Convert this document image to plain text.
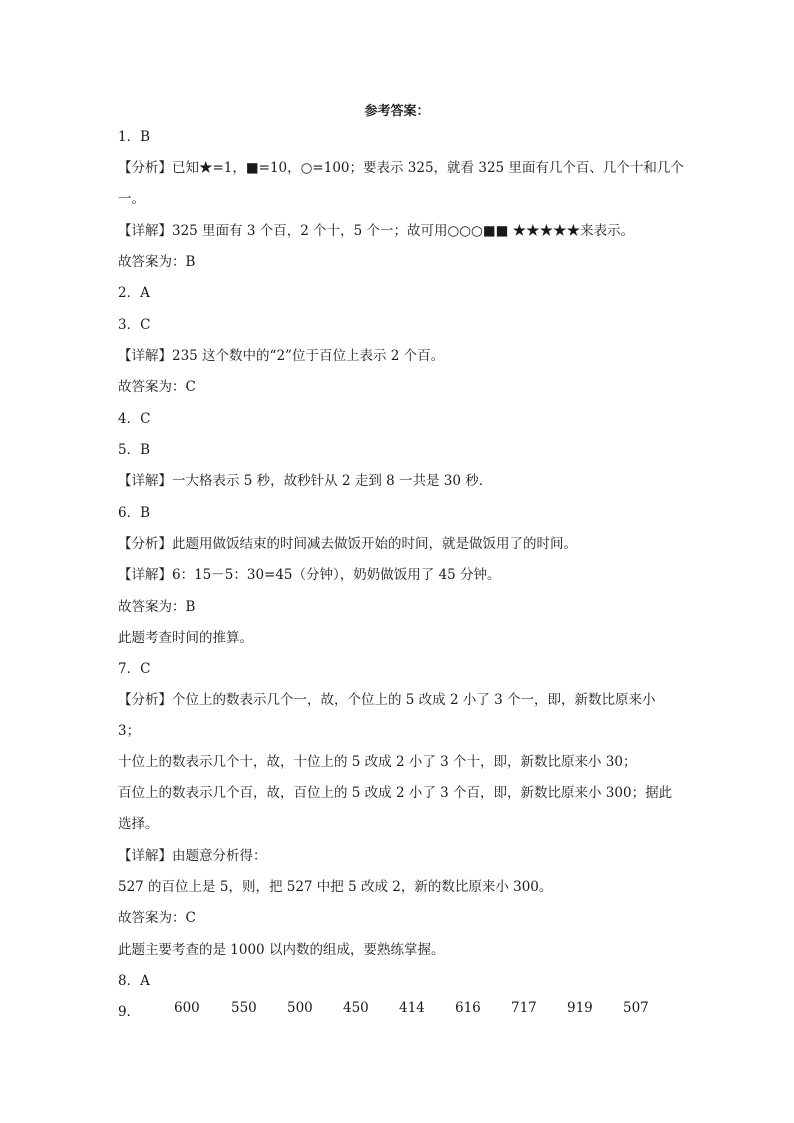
参考答案：
1．B
【分析】已知★=1，■=10，○=100；要表示 325，就看 325 里面有几个百、几个十和几个
一。
【详解】325 里面有 3 个百，2 个十，5 个一；故可用○○○■■ ★★★★★来表示。
故答案为：B
2．A
3．C
【详解】235 这个数中的“2”位于百位上表示 2 个百。
故答案为：C
4．C
5．B
【详解】一大格表示 5 秒，故秒针从 2 走到 8 一共是 30 秒．
6．B
【分析】此题用做饭结束的时间减去做饭开始的时间，就是做饭用了的时间。
【详解】6：15－5：30=45（分钟），奶奶做饭用了 45 分钟。
故答案为：B
此题考查时间的推算。
7．C
【分析】个位上的数表示几个一，故，个位上的 5 改成 2 小了 3 个一，即，新数比原来小
3；
十位上的数表示几个十，故，十位上的 5 改成 2 小了 3 个十，即，新数比原来小 30；
百位上的数表示几个百，故，百位上的 5 改成 2 小了 3 个百，即，新数比原来小 300；据此
选择。
【详解】由题意分析得：
527 的百位上是 5，则，把 527 中把 5 改成 2，新的数比原来小 300。
故答案为：C
此题主要考查的是 1000 以内数的组成，要熟练掌握。
8．A
9．	600 550 500 450 414 616 717 919 507
